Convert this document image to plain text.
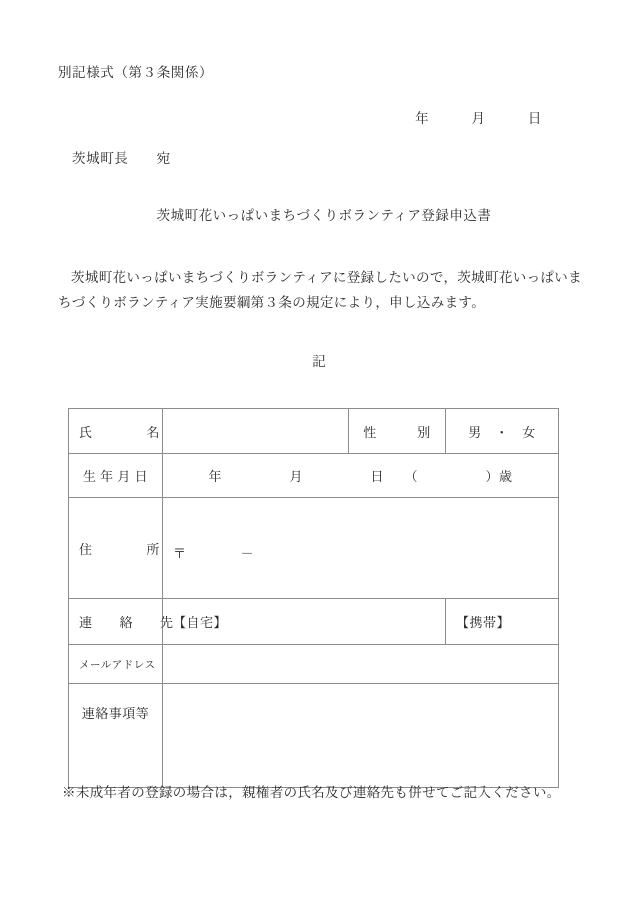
別記様式（第３条関係）
年　　　月　　　日
茨城町長　　宛
茨城町花いっぱいまちづくりボランティア登録申込書
茨城町花いっぱいまちづくりボランティアに登録したいので，茨城町花いっぱいま
ちづくりボランティア実施要綱第３条の規定により，申し込みます。
記
氏　　　　名		性　　　別	男　・　女
生 年 月 日	年　　　　　月　　　　　日　　（　　　　　）歳		
住　　　　所	〒　　　　－		

連　　絡　　先	【自宅】		【携帯】
メールアドレス			
連絡事項等			
※未成年者の登録の場合は，親権者の氏名及び連絡先も併せてご記入ください。
